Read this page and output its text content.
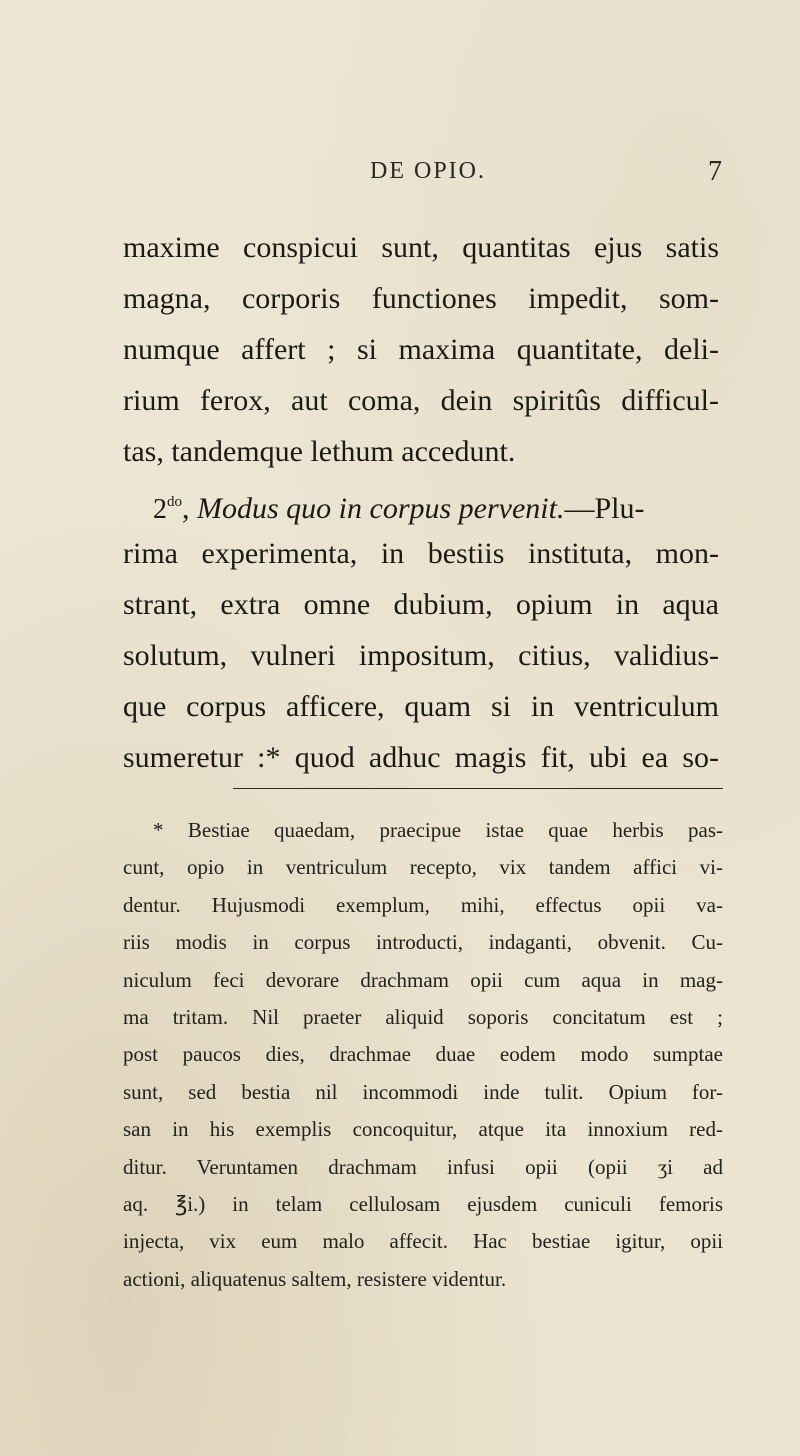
DE OPIO.	7
maxime conspicui sunt, quantitas ejus satis
magna, corporis functiones impedit, som-
numque affert ; si maxima quantitate, deli-
rium ferox, aut coma, dein spiritûs difficul-
tas, tandemque lethum accedunt.
$2^{do}$, Modus quo in corpus pervenit.—Plu-
rima experimenta, in bestiis instituta, mon-
strant, extra omne dubium, opium in aqua
solutum, vulneri impositum, citius, validius-
que corpus afficere, quam si in ventriculum
sumeretur :* quod adhuc magis fit, ubi ea so-
* Bestiae quaedam, praecipue istae quae herbis pas-
cunt, opio in ventriculum recepto, vix tandem affici vi-
dentur. Hujusmodi exemplum, mihi, effectus opii va-
riis modis in corpus introducti, indaganti, obvenit. Cu-
niculum feci devorare drachmam opii cum aqua in mag-
ma tritam. Nil praeter aliquid soporis concitatum est ;
post paucos dies, drachmae duae eodem modo sumptae
sunt, sed bestia nil incommodi inde tulit. Opium for-
san in his exemplis concoquitur, atque ita innoxium red-
ditur. Veruntamen drachmam infusi opii (opii ʒi ad
aq. ℥i.) in telam cellulosam ejusdem cuniculi femoris
injecta, vix eum malo affecit. Hac bestiae igitur, opii
actioni, aliquatenus saltem, resistere videntur.
